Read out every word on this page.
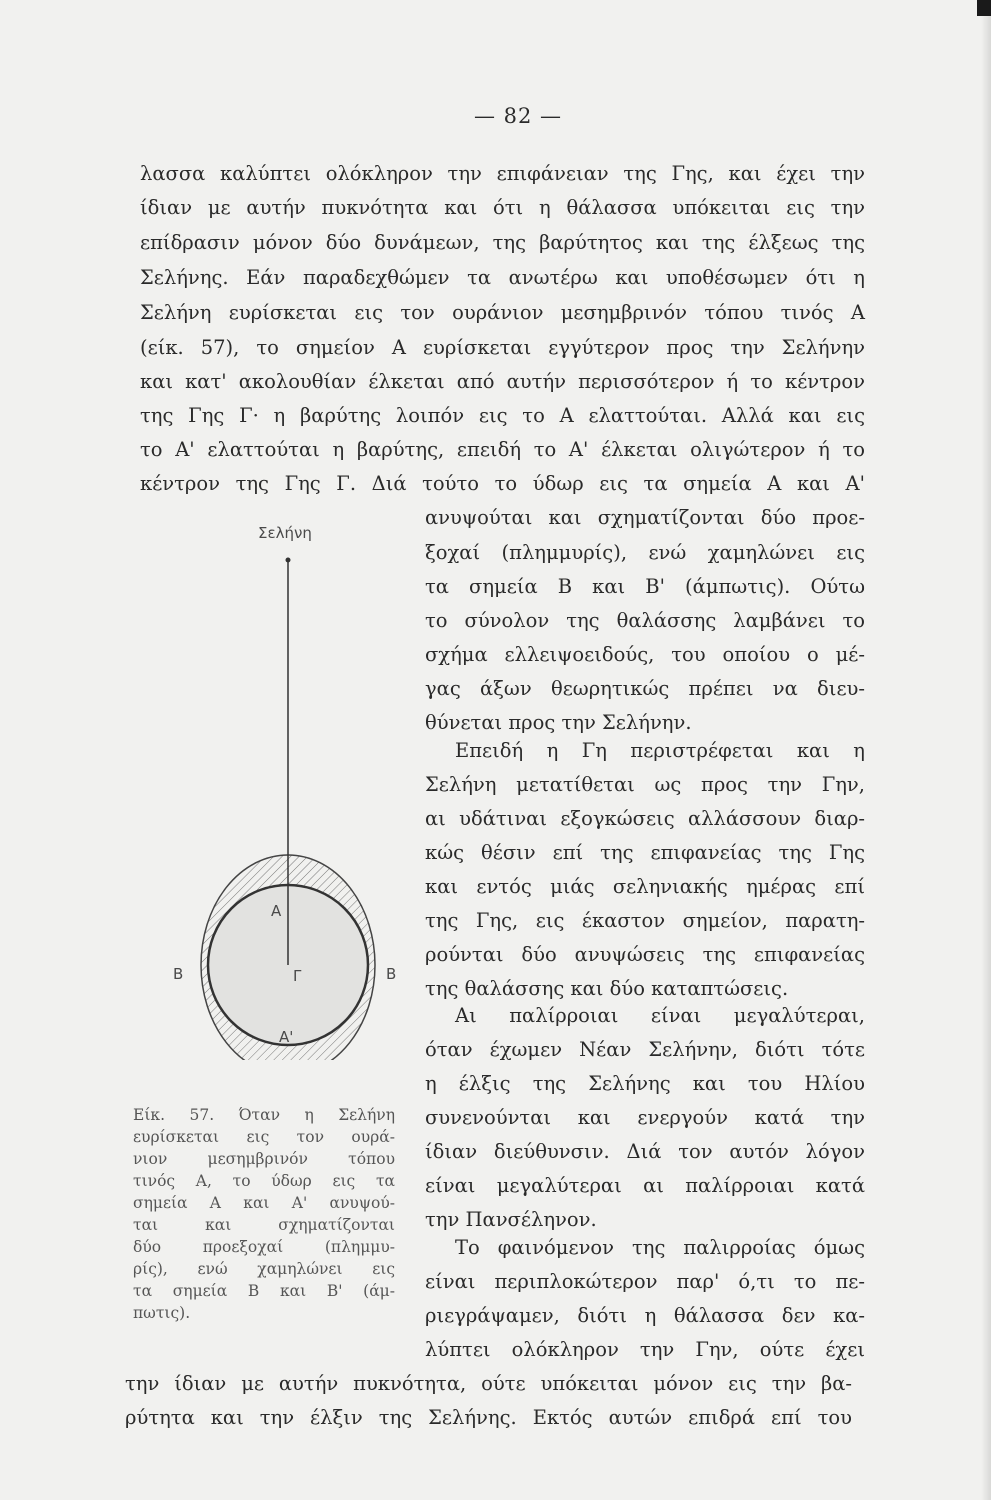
— 82 —
λασσα καλύπτει ολόκληρον την επιφάνειαν της Γης, και έχει την
ίδιαν με αυτήν πυκνότητα και ότι η θάλασσα υπόκειται εις την
επίδρασιν μόνον δύο δυνάμεων, της βαρύτητος και της έλξεως της
Σελήνης. Εάν παραδεχθώμεν τα ανωτέρω και υποθέσωμεν ότι η
Σελήνη ευρίσκεται εις τον ουράνιον μεσημβρινόν τόπου τινός Α
(είκ. 57), το σημείον Α ευρίσκεται εγγύτερον προς την Σελήνην
και κατ' ακολουθίαν έλκεται από αυτήν περισσότερον ή το κέντρον
της Γης Γ· η βαρύτης λοιπόν εις το Α ελαττούται. Αλλά και εις
το Α' ελαττούται η βαρύτης, επειδή το Α' έλκεται ολιγώτερον ή το
κέντρον της Γης Γ. Διά τούτο το ύδωρ εις τα σημεία Α και Α'
ανυψούται και σχηματίζονται δύο προε-
ξοχαί (πλημμυρίς), ενώ χαμηλώνει εις
τα σημεία Β και Β' (άμπωτις). Ούτω
το σύνολον της θαλάσσης λαμβάνει το
σχήμα ελλειψοειδούς, του οποίου ο μέ-
γας άξων θεωρητικώς πρέπει να διευ-
θύνεται προς την Σελήνην.
Επειδή η Γη περιστρέφεται και η
Σελήνη μετατίθεται ως προς την Γην,
αι υδάτιναι εξογκώσεις αλλάσσουν διαρ-
κώς θέσιν επί της επιφανείας της Γης
και εντός μιάς σεληνιακής ημέρας επί
της Γης, εις έκαστον σημείον, παρατη-
ρούνται δύο ανυψώσεις της επιφανείας
της θαλάσσης και δύο καταπτώσεις.
Αι παλίρροιαι είναι μεγαλύτεραι,
όταν έχωμεν Νέαν Σελήνην, διότι τότε
η έλξις της Σελήνης και του Ηλίου
συνενούνται και ενεργούν κατά την
ίδιαν διεύθυνσιν. Διά τον αυτόν λόγον
είναι μεγαλύτεραι αι παλίρροιαι κατά
την Πανσέληνον.
Το φαινόμενον της παλιρροίας όμως
είναι περιπλοκώτερον παρ' ό,τι το πε-
ριεγράψαμεν, διότι η θάλασσα δεν κα-
λύπτει ολόκληρον την Γην, ούτε έχει
την ίδιαν με αυτήν πυκνότητα, ούτε υπόκειται μόνον εις την βα-
ρύτητα και την έλξιν της Σελήνης. Εκτός αυτών επιδρά επί του
Σελήνη
Α
Γ
Α'
Β	Β
Είκ. 57. Όταν η Σελήνη
ευρίσκεται εις τον ουρά-
νιον μεσημβρινόν τόπου
τινός Α, το ύδωρ εις τα
σημεία Α και Α' ανυψού-
ται και σχηματίζονται
δύο προεξοχαί (πλημμυ-
ρίς), ενώ χαμηλώνει εις
τα σημεία Β και Β' (άμ-
πωτις).
